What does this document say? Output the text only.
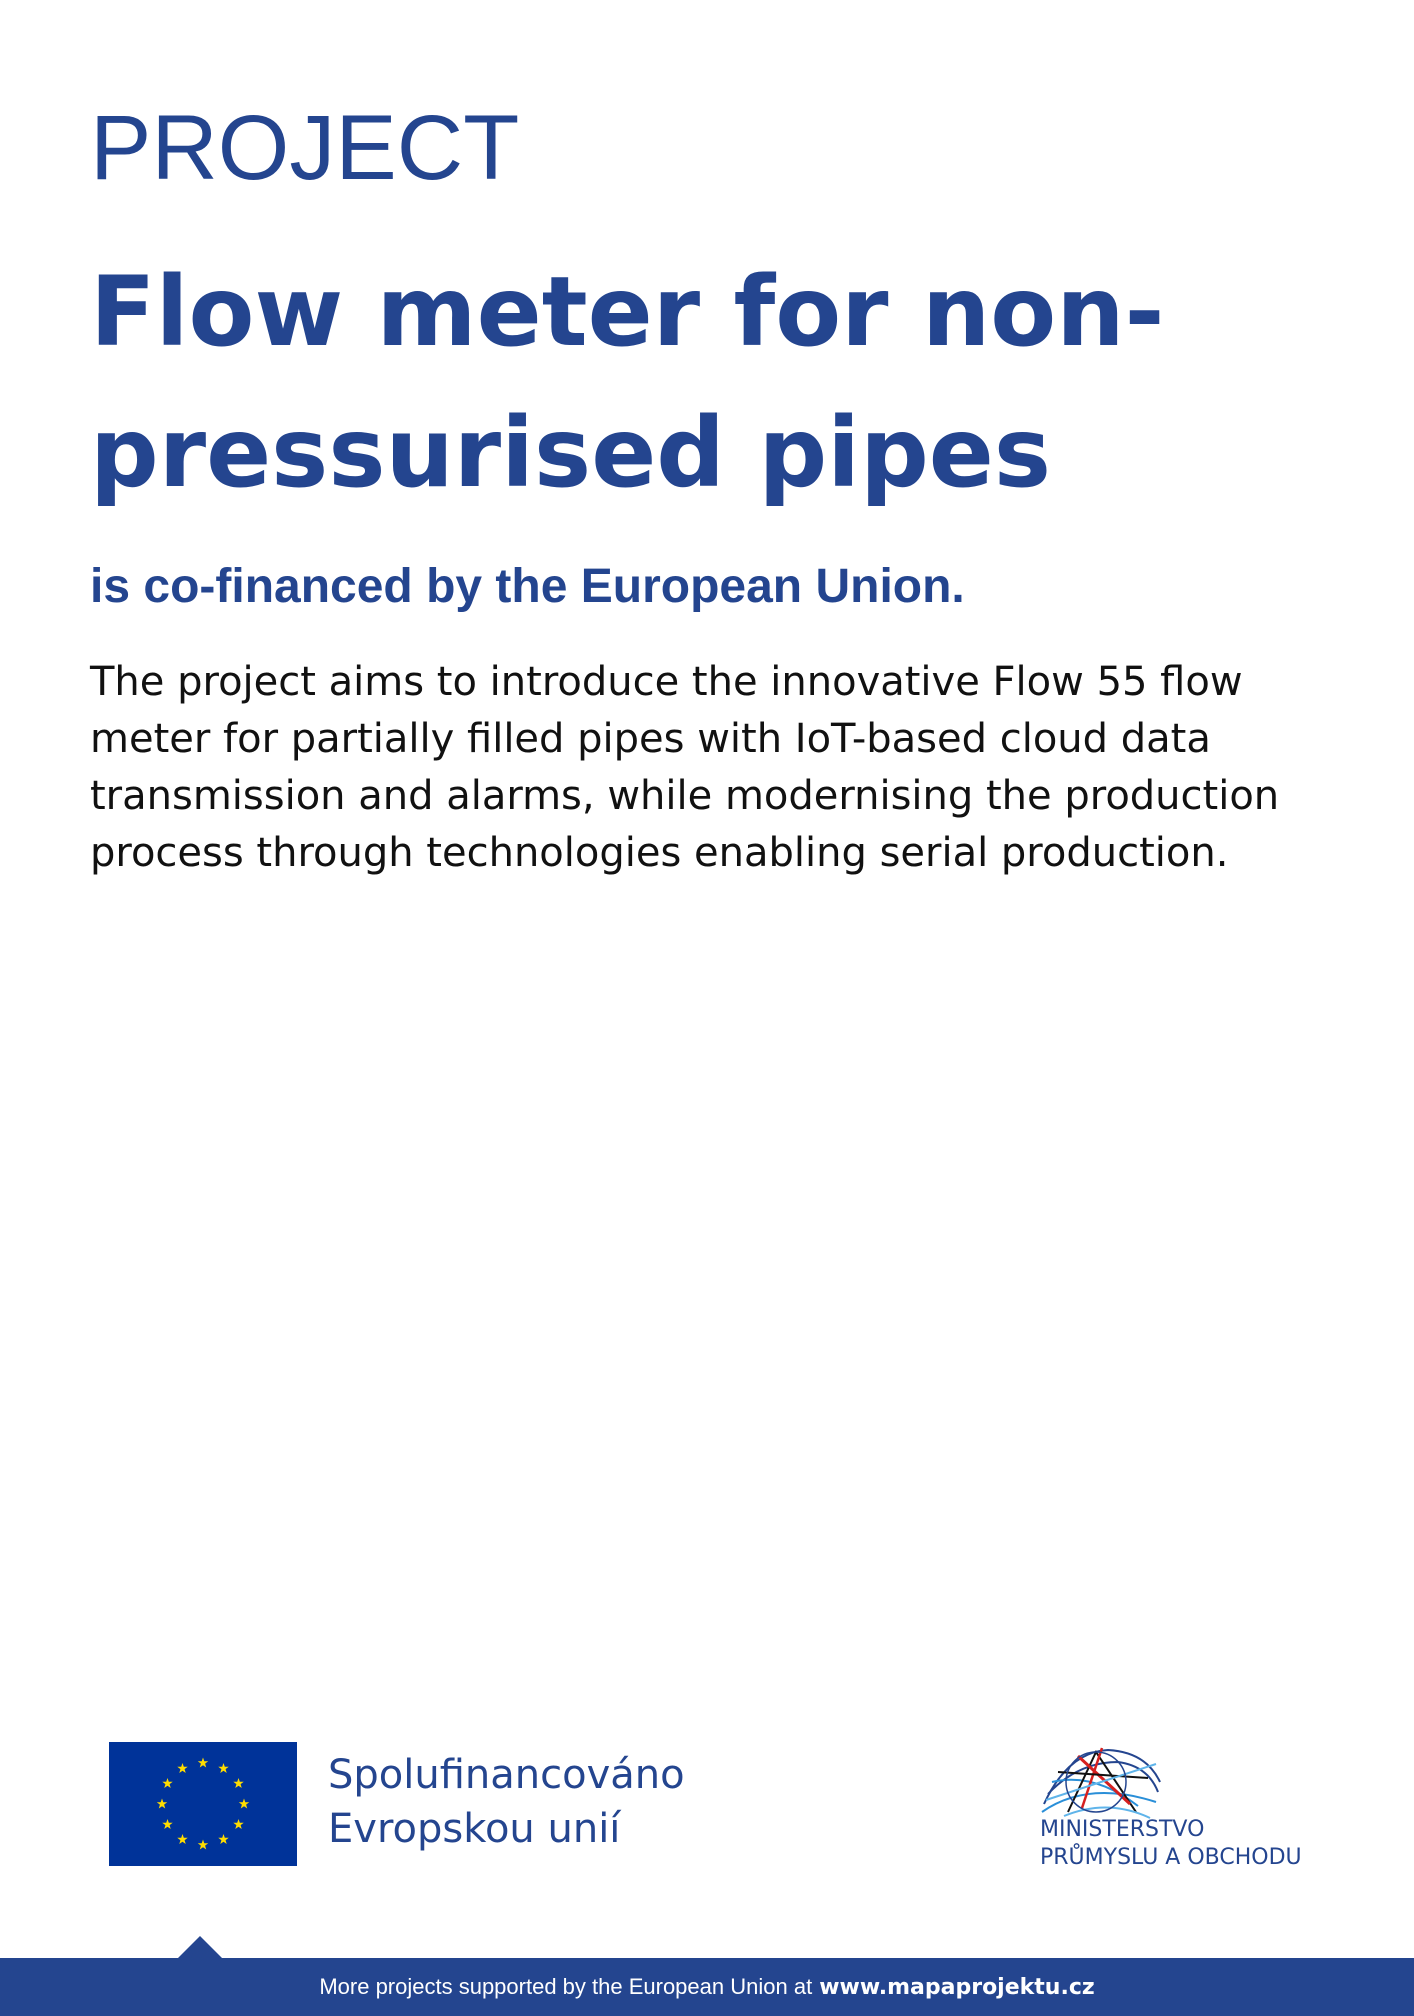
PROJECT
Flow meter for non-
pressurised pipes
is co-financed by the European Union.

The project aims to introduce the innovative Flow 55 flow
meter for partially filled pipes with IoT-based cloud data
transmission and alarms, while modernising the production
process through technologies enabling serial production.

Spolufinancováno
Evropskou unií	MINISTERSTVO
PRŮMYSLU A OBCHODU

More projects supported by the European Union at www.mapaprojektu.cz
